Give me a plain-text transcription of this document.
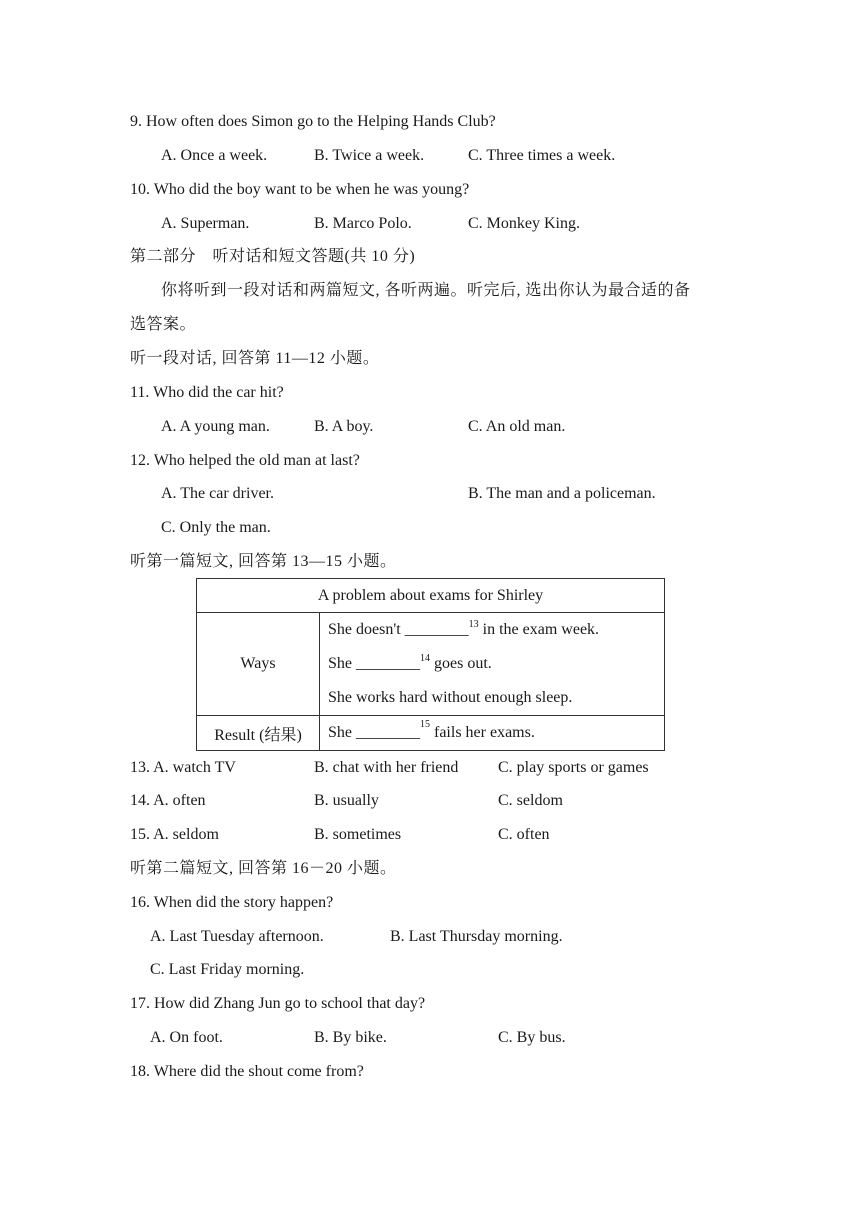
9. How often does Simon go to the Helping Hands Club?
A. Once a week.	B. Twice a week.	C. Three times a week.
10. Who did the boy want to be when he was young?
A. Superman.	B. Marco Polo.	C. Monkey King.
第二部分　听对话和短文答题(共 10 分)
你将听到一段对话和两篇短文, 各听两遍。听完后, 选出你认为最合适的备
选答案。
听一段对话, 回答第 11—12 小题。
11. Who did the car hit?
A. A young man.	B. A boy.	C. An old man.
12. Who helped the old man at last?
A. The car driver.	B. The man and a policeman.
C. Only the man.
听第一篇短文, 回答第 13—15 小题。
A problem about exams for Shirley	
Ways	She doesn't ________$^{13}$ in the exam week.
She ________$^{14}$ goes out.
She works hard without enough sleep.

Result (结果)	She ________$^{15}$ fails her exams.
13. A. watch TV	B. chat with her friend C. play sports or games
14. A. often	B. usually	C. seldom
15. A. seldom	B. sometimes	C. often
听第二篇短文, 回答第 16－20 小题。
16. When did the story happen?
A. Last Tuesday afternoon.	B. Last Thursday morning.
C. Last Friday morning.
17. How did Zhang Jun go to school that day?
A. On foot.	B. By bike.	C. By bus.
18. Where did the shout come from?
